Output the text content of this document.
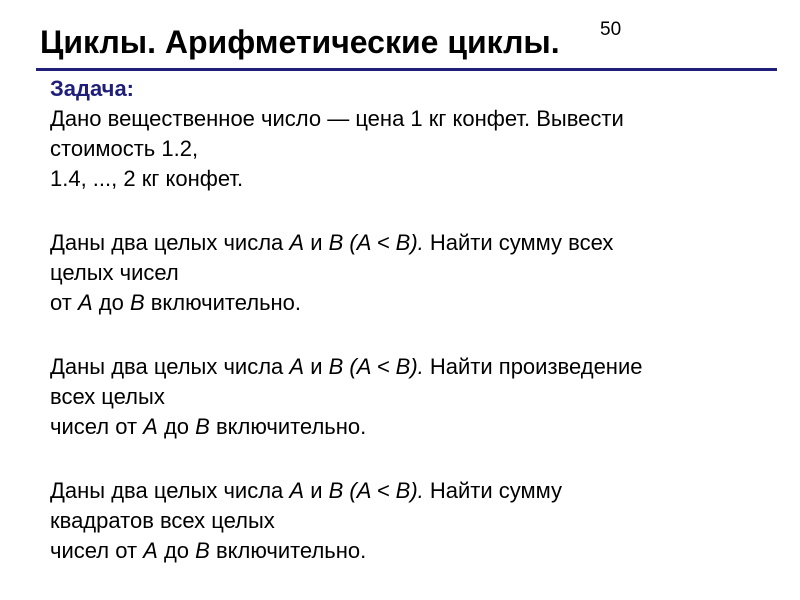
Циклы. Арифметические циклы. 50
Задача:
Дано вещественное число — цена 1 кг конфет. Вывести
стоимость 1.2,
1.4, ..., 2 кг конфет.
Даны два целых числа A и B (A < B). Найти сумму всех
целых чисел
от A до B включительно.
Даны два целых числа A и B (A < B). Найти произведение
всех целых
чисел от A до B включительно.
Даны два целых числа A и B (A < B). Найти сумму
квадратов всех целых
чисел от A до B включительно.
